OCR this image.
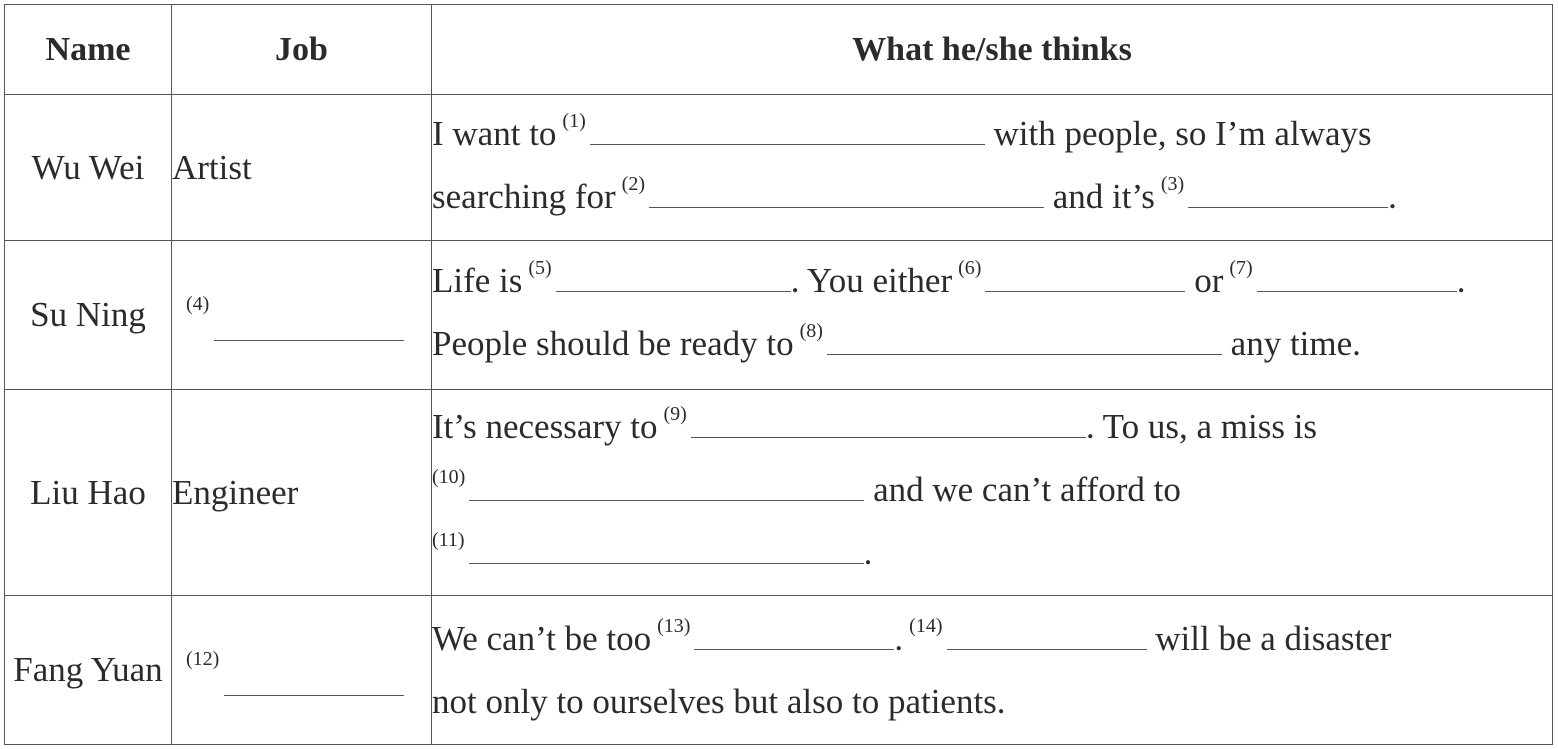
Name	Job	What he/she thinks
Wu Wei	Artist	I want to $^{(1)}$ with people, so I’m always
searching for $^{(2)}$ and it’s $^{(3)}$ .
Su Ning	(4)	Life is $^{(5)}$ . You either $^{(6)}$ or $^{(7)}$ .
People should be ready to $^{(8)}$ any time.
Liu Hao	Engineer	It’s necessary to $^{(9)}$ . To us, a miss is
$^{(10)}$ and we can’t afford to
$^{(11)}$ .
Fang Yuan	(12)	We can’t be too $^{(13)}$ . $^{(14)}$ will be a disaster
not only to ourselves but also to patients.
